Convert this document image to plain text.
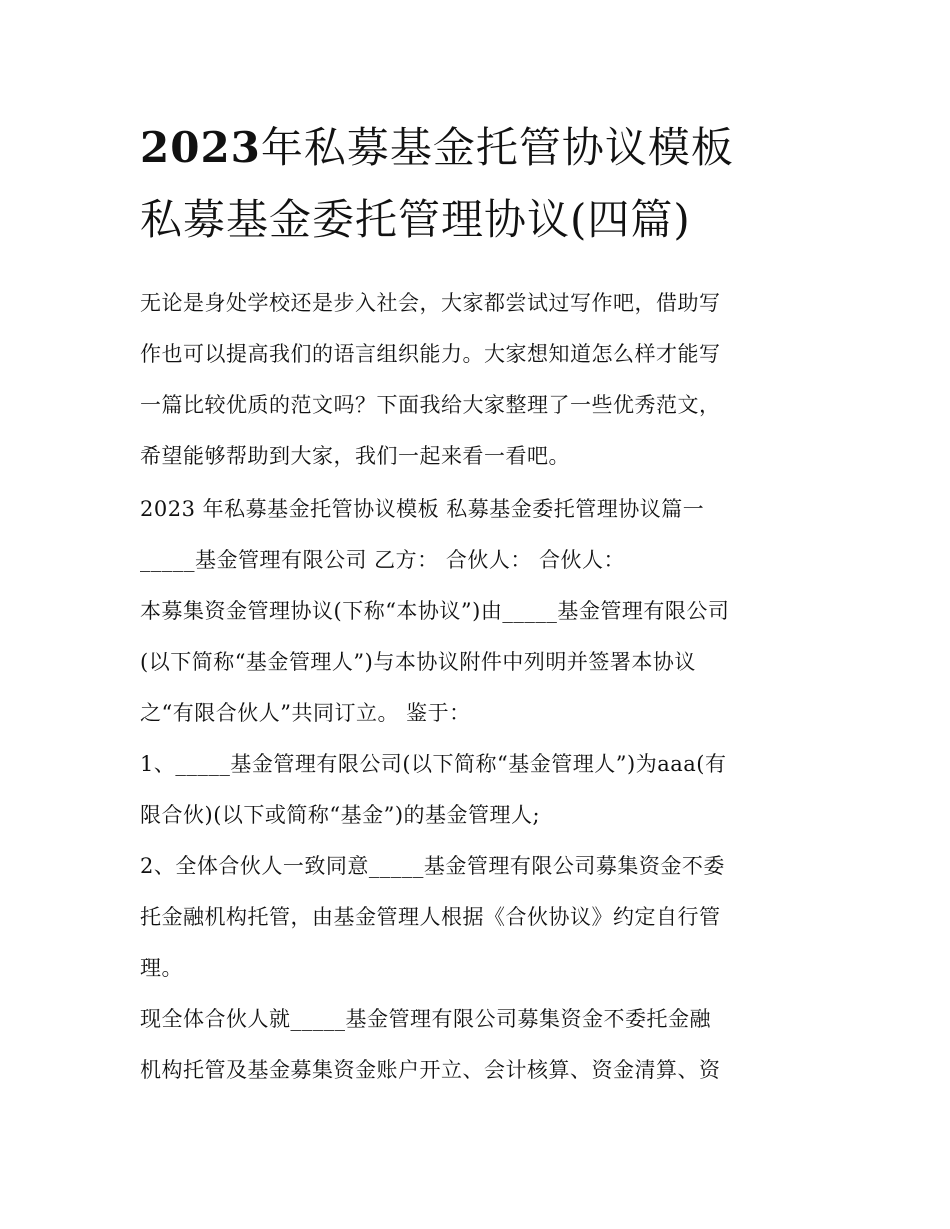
2023年私募基金托管协议模板
私募基金委托管理协议(四篇)

无论是身处学校还是步入社会，大家都尝试过写作吧，借助写
作也可以提高我们的语言组织能力。大家想知道怎么样才能写
一篇比较优质的范文吗？下面我给大家整理了一些优秀范文，
希望能够帮助到大家，我们一起来看一看吧。

2023 年私募基金托管协议模板 私募基金委托管理协议篇一

_____基金管理有限公司 乙方： 合伙人： 合伙人：

本募集资金管理协议(下称“本协议”)由_____基金管理有限公司
(以下简称“基金管理人”)与本协议附件中列明并签署本协议
之“有限合伙人”共同订立。 鉴于：

1、_____基金管理有限公司(以下简称“基金管理人”)为aaa(有
限合伙)(以下或简称“基金”)的基金管理人;

2、全体合伙人一致同意_____基金管理有限公司募集资金不委
托金融机构托管，由基金管理人根据《合伙协议》约定自行管
理。

现全体合伙人就_____基金管理有限公司募集资金不委托金融
机构托管及基金募集资金账户开立、会计核算、资金清算、资
